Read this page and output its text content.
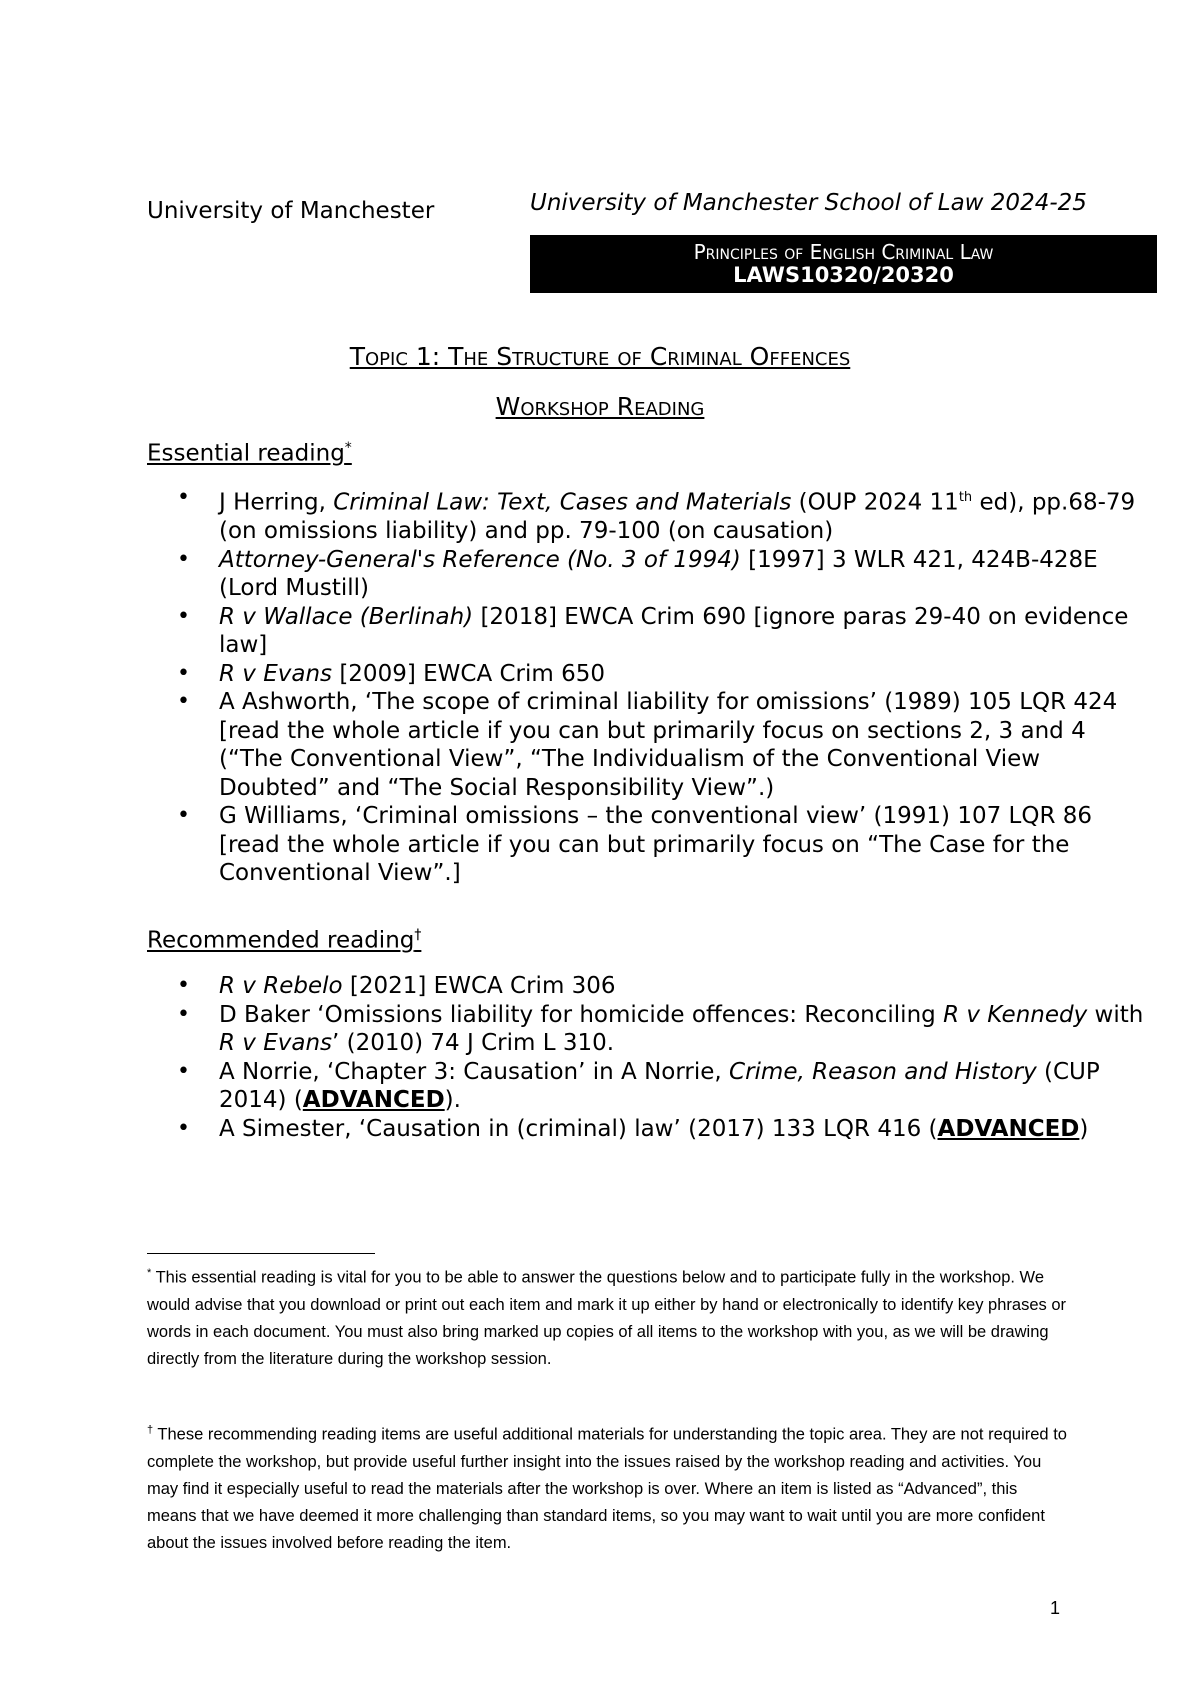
University of Manchester	University of Manchester School of Law 2024-25
Principles of English Criminal Law
LAWS10320/20320
Topic 1: The Structure of Criminal Offences
Workshop Reading
Essential reading*
• J Herring, Criminal Law: Text, Cases and Materials (OUP 2024 11th ed), pp.68-79 (on omissions liability) and pp. 79-100 (on causation)
• Attorney-General's Reference (No. 3 of 1994) [1997] 3 WLR 421, 424B-428E (Lord Mustill)
• R v Wallace (Berlinah) [2018] EWCA Crim 690 [ignore paras 29-40 on evidence law]
• R v Evans [2009] EWCA Crim 650
• A Ashworth, ‘The scope of criminal liability for omissions’ (1989) 105 LQR 424 [read the whole article if you can but primarily focus on sections 2, 3 and 4 (“The Conventional View”, “The Individualism of the Conventional View Doubted” and “The Social Responsibility View”.)
• G Williams, ‘Criminal omissions – the conventional view’ (1991) 107 LQR 86 [read the whole article if you can but primarily focus on “The Case for the Conventional View”.]
Recommended reading†
• R v Rebelo [2021] EWCA Crim 306
• D Baker ‘Omissions liability for homicide offences: Reconciling R v Kennedy with R v Evans’ (2010) 74 J Crim L 310.
• A Norrie, ‘Chapter 3: Causation’ in A Norrie, Crime, Reason and History (CUP 2014) (ADVANCED).
• A Simester, ‘Causation in (criminal) law’ (2017) 133 LQR 416 (ADVANCED)
* This essential reading is vital for you to be able to answer the questions below and to participate fully in the workshop. We would advise that you download or print out each item and mark it up either by hand or electronically to identify key phrases or words in each document. You must also bring marked up copies of all items to the workshop with you, as we will be drawing directly from the literature during the workshop session.
† These recommending reading items are useful additional materials for understanding the topic area. They are not required to complete the workshop, but provide useful further insight into the issues raised by the workshop reading and activities. You may find it especially useful to read the materials after the workshop is over. Where an item is listed as “Advanced”, this means that we have deemed it more challenging than standard items, so you may want to wait until you are more confident about the issues involved before reading the item.
1
